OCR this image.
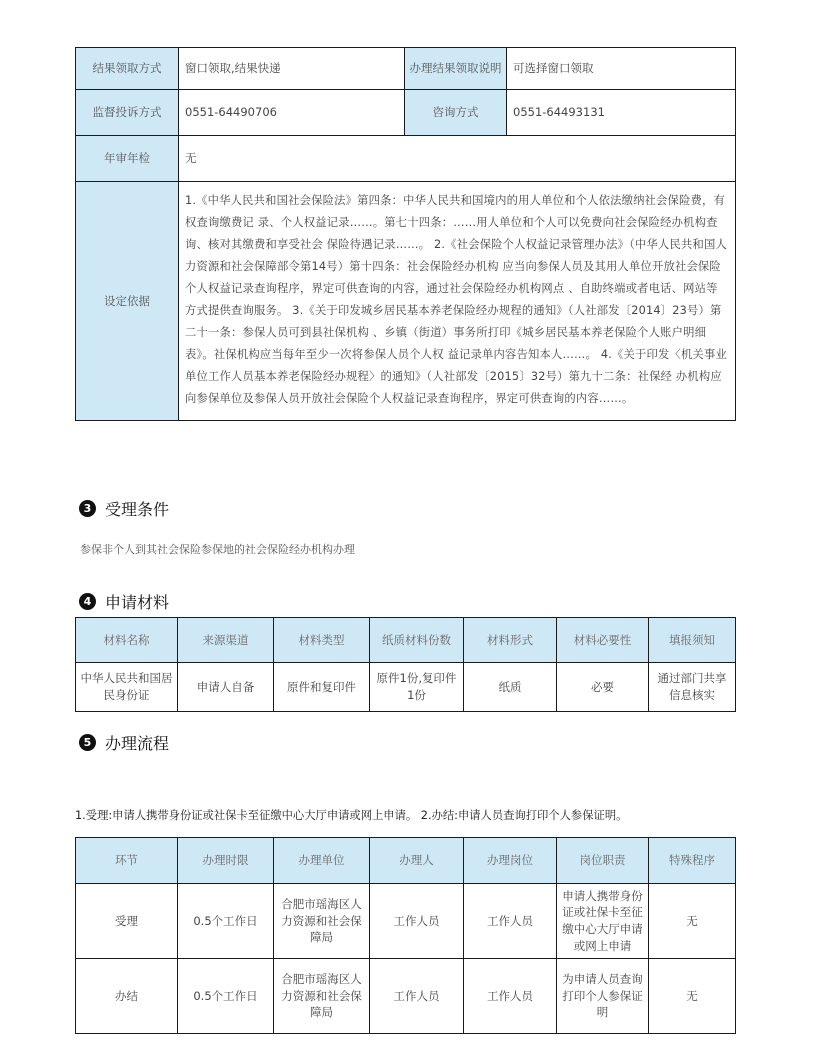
结果领取方式	窗口领取,结果快递	办理结果领取说明	可选择窗口领取
监督投诉方式	0551-64490706	咨询方式	0551-64493131
年审年检	无		
设定依据	1.《中华人民共和国社会保险法》第四条：中华人民共和国境内的用人单位和个人依法缴纳社会保险费，有权查询缴费记 录、个人权益记录……。第七十四条：……用人单位和个人可以免费向社会保险经办机构查询、核对其缴费和享受社会 保险待遇记录……。 2.《社会保险个人权益记录管理办法》（中华人民共和国人力资源和社会保障部令第14号）第十四条：社会保险经办机构 应当向参保人员及其用人单位开放社会保险个人权益记录查询程序，界定可供查询的内容，通过社会保险经办机构网点 、自助终端或者电话、网站等方式提供查询服务。 3.《关于印发城乡居民基本养老保险经办规程的通知》（人社部发〔2014〕23号）第二十一条：参保人员可到县社保机构 、乡镇（街道）事务所打印《城乡居民基本养老保险个人账户明细表》。社保机构应当每年至少一次将参保人员个人权 益记录单内容告知本人……。 4.《关于印发〈机关事业单位工作人员基本养老保险经办规程〉的通知》（人社部发〔2015〕32号）第九十二条：社保经 办机构应向参保单位及参保人员开放社会保险个人权益记录查询程序，界定可供查询的内容……。		
3 受理条件
参保非个人到其社会保险参保地的社会保险经办机构办理
4 申请材料
材料名称	来源渠道	材料类型	纸质材料份数	材料形式	材料必要性	填报须知
中华人民共和国居民身份证	申请人自备	原件和复印件	原件1份,复印件1份	纸质	必要	通过部门共享信息核实
5 办理流程
1.受理:申请人携带身份证或社保卡至征缴中心大厅申请或网上申请。 2.办结:申请人员查询打印个人参保证明。
环节	办理时限	办理单位	办理人	办理岗位	岗位职责	特殊程序
受理	0.5个工作日	合肥市瑶海区人力资源和社会保障局	工作人员	工作人员	申请人携带身份证或社保卡至征缴中心大厅申请或网上申请	无
办结	0.5个工作日	合肥市瑶海区人力资源和社会保障局	工作人员	工作人员	为申请人员查询打印个人参保证明	无
